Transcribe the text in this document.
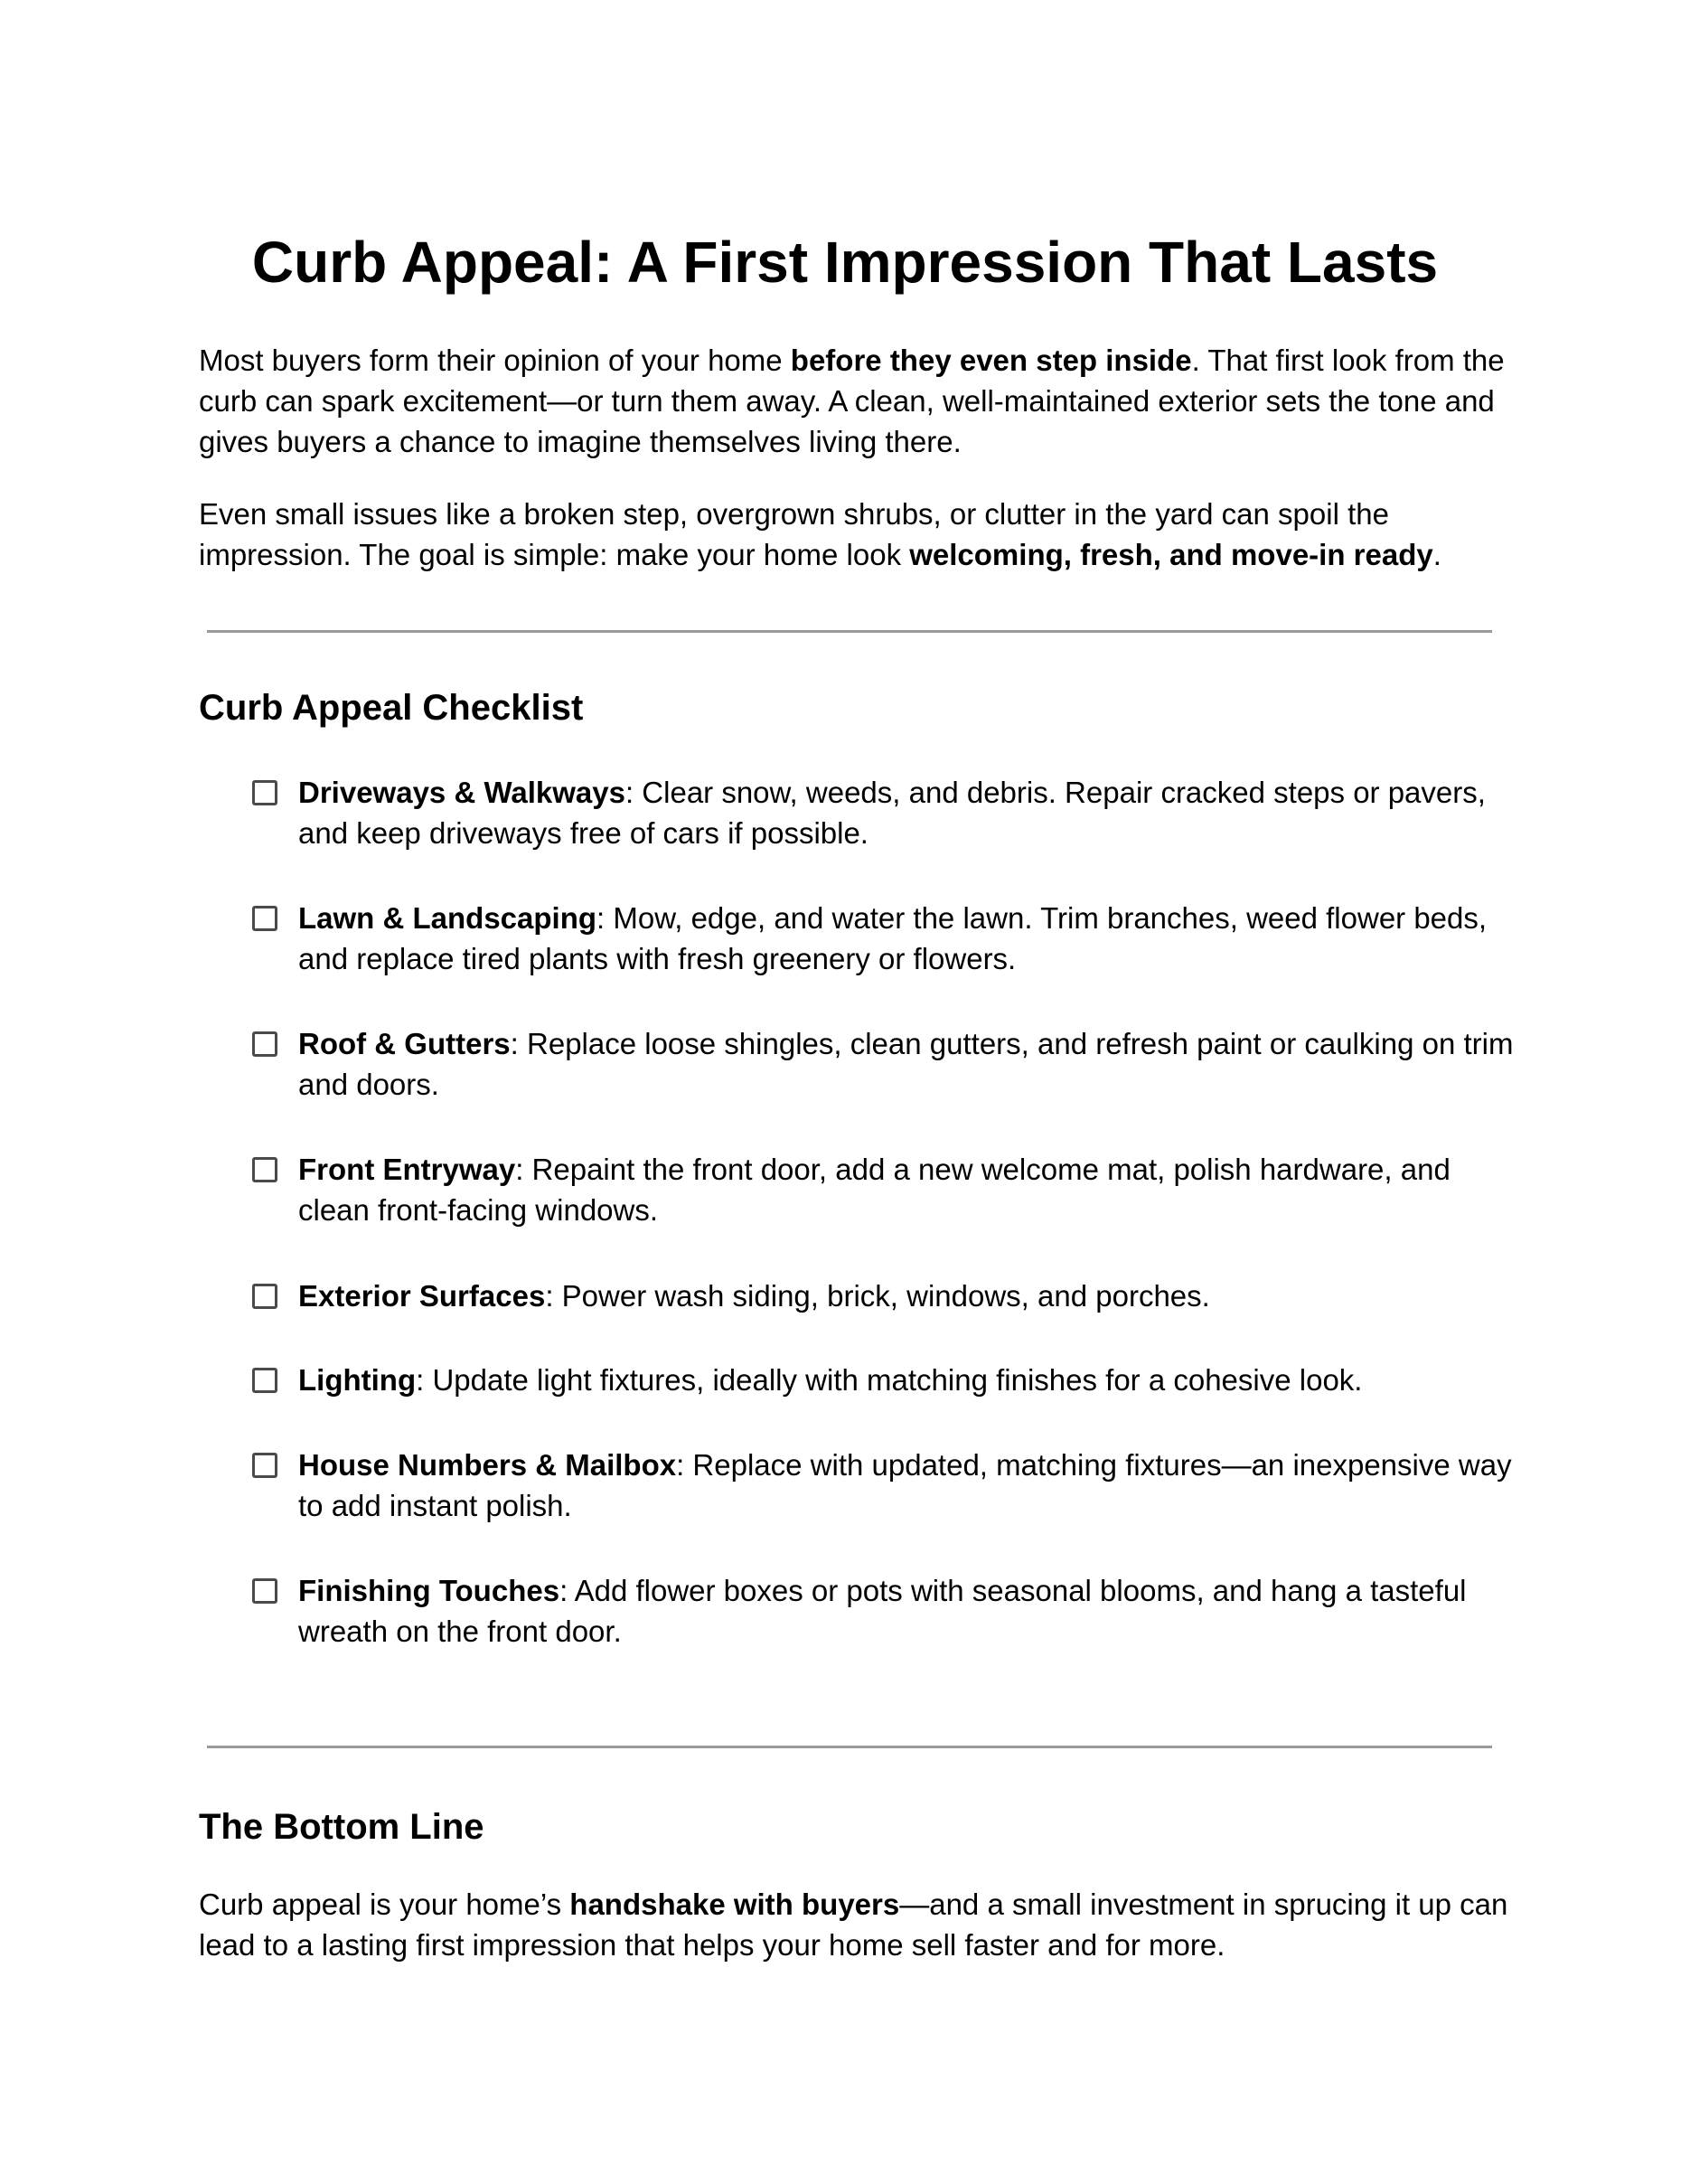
Curb Appeal: A First Impression That Lasts

Most buyers form their opinion of your home before they even step inside. That first look from the curb can spark excitement—or turn them away. A clean, well-maintained exterior sets the tone and gives buyers a chance to imagine themselves living there.

Even small issues like a broken step, overgrown shrubs, or clutter in the yard can spoil the impression. The goal is simple: make your home look welcoming, fresh, and move-in ready.

Curb Appeal Checklist
Driveways & Walkways: Clear snow, weeds, and debris. Repair cracked steps or pavers, and keep driveways free of cars if possible.
Lawn & Landscaping: Mow, edge, and water the lawn. Trim branches, weed flower beds, and replace tired plants with fresh greenery or flowers.
Roof & Gutters: Replace loose shingles, clean gutters, and refresh paint or caulking on trim and doors.
Front Entryway: Repaint the front door, add a new welcome mat, polish hardware, and clean front-facing windows.
Exterior Surfaces: Power wash siding, brick, windows, and porches.
Lighting: Update light fixtures, ideally with matching finishes for a cohesive look.
House Numbers & Mailbox: Replace with updated, matching fixtures—an inexpensive way to add instant polish.
Finishing Touches: Add flower boxes or pots with seasonal blooms, and hang a tasteful wreath on the front door.
The Bottom Line

Curb appeal is your home’s handshake with buyers—and a small investment in sprucing it up can lead to a lasting first impression that helps your home sell faster and for more.
